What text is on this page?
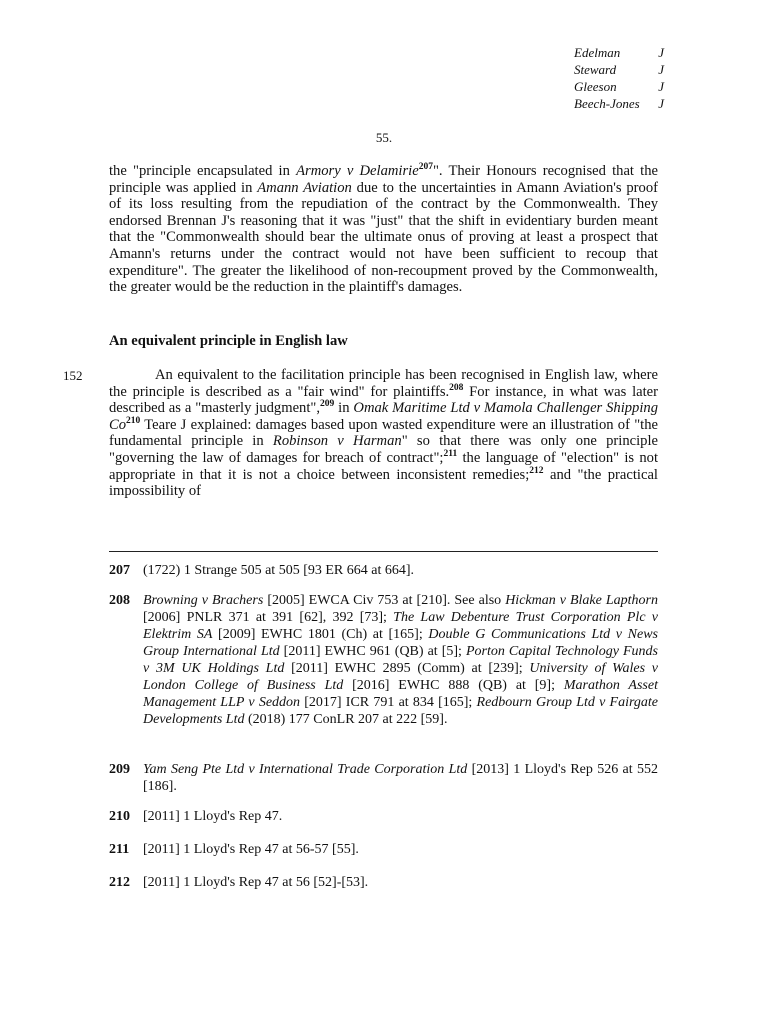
Edelman	J
Steward	J
Gleeson	J
Beech-Jones J
55.
the "principle encapsulated in Armory v Delamirie$^{207}$". Their Honours recognised that the principle was applied in Amann Aviation due to the uncertainties in Amann Aviation's proof of its loss resulting from the repudiation of the contract by the Commonwealth. They endorsed Brennan J's reasoning that it was "just" that the shift in evidentiary burden meant that the "Commonwealth should bear the ultimate onus of proving at least a prospect that Amann's returns under the contract would not have been sufficient to recoup that expenditure". The greater the likelihood of non-recoupment proved by the Commonwealth, the greater would be the reduction in the plaintiff's damages.
An equivalent principle in English law
152	An equivalent to the facilitation principle has been recognised in English law, where the principle is described as a "fair wind" for plaintiffs.$^{208}$ For instance, in what was later described as a "masterly judgment",$^{209}$ in Omak Maritime Ltd v Mamola Challenger Shipping Co$^{210}$ Teare J explained: damages based upon wasted expenditure were an illustration of "the fundamental principle in Robinson v Harman" so that there was only one principle "governing the law of damages for breach of contract";$^{211}$ the language of "election" is not appropriate in that it is not a choice between inconsistent remedies;$^{212}$ and "the practical impossibility of
207 (1722) 1 Strange 505 at 505 [93 ER 664 at 664].
208 Browning v Brachers [2005] EWCA Civ 753 at [210]. See also Hickman v Blake Lapthorn [2006] PNLR 371 at 391 [62], 392 [73]; The Law Debenture Trust Corporation Plc v Elektrim SA [2009] EWHC 1801 (Ch) at [165]; Double G Communications Ltd v News Group International Ltd [2011] EWHC 961 (QB) at [5]; Porton Capital Technology Funds v 3M UK Holdings Ltd [2011] EWHC 2895 (Comm) at [239]; University of Wales v London College of Business Ltd [2016] EWHC 888 (QB) at [9]; Marathon Asset Management LLP v Seddon [2017] ICR 791 at 834 [165]; Redbourn Group Ltd v Fairgate Developments Ltd (2018) 177 ConLR 207 at 222 [59].
209 Yam Seng Pte Ltd v International Trade Corporation Ltd [2013] 1 Lloyd's Rep 526 at 552 [186].
210 [2011] 1 Lloyd's Rep 47.
211 [2011] 1 Lloyd's Rep 47 at 56-57 [55].
212 [2011] 1 Lloyd's Rep 47 at 56 [52]-[53].
